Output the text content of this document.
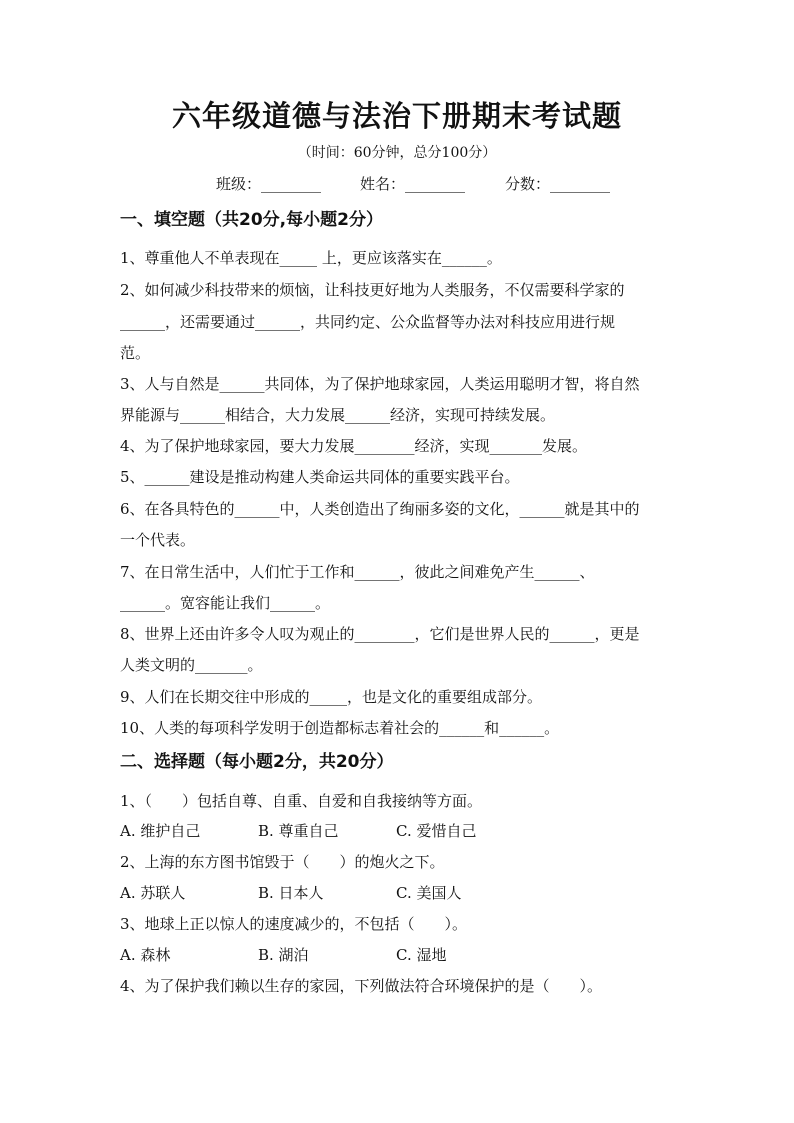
六年级道德与法治下册期末考试题
（时间：60分钟，总分100分）
班级：________	姓名：________	分数：________
一、填空题（共20分,每小题2分）
1、尊重他人不单表现在_____ 上，更应该落实在______。
2、如何减少科技带来的烦恼，让科技更好地为人类服务，不仅需要科学家的
______，还需要通过______，共同约定、公众监督等办法对科技应用进行规
范。
3、人与自然是______共同体，为了保护地球家园，人类运用聪明才智，将自然
界能源与______相结合，大力发展______经济，实现可持续发展。
4、为了保护地球家园，要大力发展________经济，实现_______发展。
5、______建设是推动构建人类命运共同体的重要实践平台。
6、在各具特色的______中，人类创造出了绚丽多姿的文化，______就是其中的
一个代表。
7、在日常生活中，人们忙于工作和______，彼此之间难免产生______、
______。宽容能让我们______。
8、世界上还由许多令人叹为观止的________，它们是世界人民的______，更是
人类文明的_______。
9、人们在长期交往中形成的_____，也是文化的重要组成部分。
10、人类的每项科学发明于创造都标志着社会的______和______。
二、选择题（每小题2分，共20分）
1、（　　）包括自尊、自重、自爱和自我接纳等方面。
A. 维护自己	B. 尊重自己	C. 爱惜自己
2、上海的东方图书馆毁于（　　）的炮火之下。
A. 苏联人	B. 日本人	C. 美国人
3、地球上正以惊人的速度减少的，不包括（　　）。
A. 森林	B. 湖泊	C. 湿地
4、为了保护我们赖以生存的家园，下列做法符合环境保护的是（　　）。
